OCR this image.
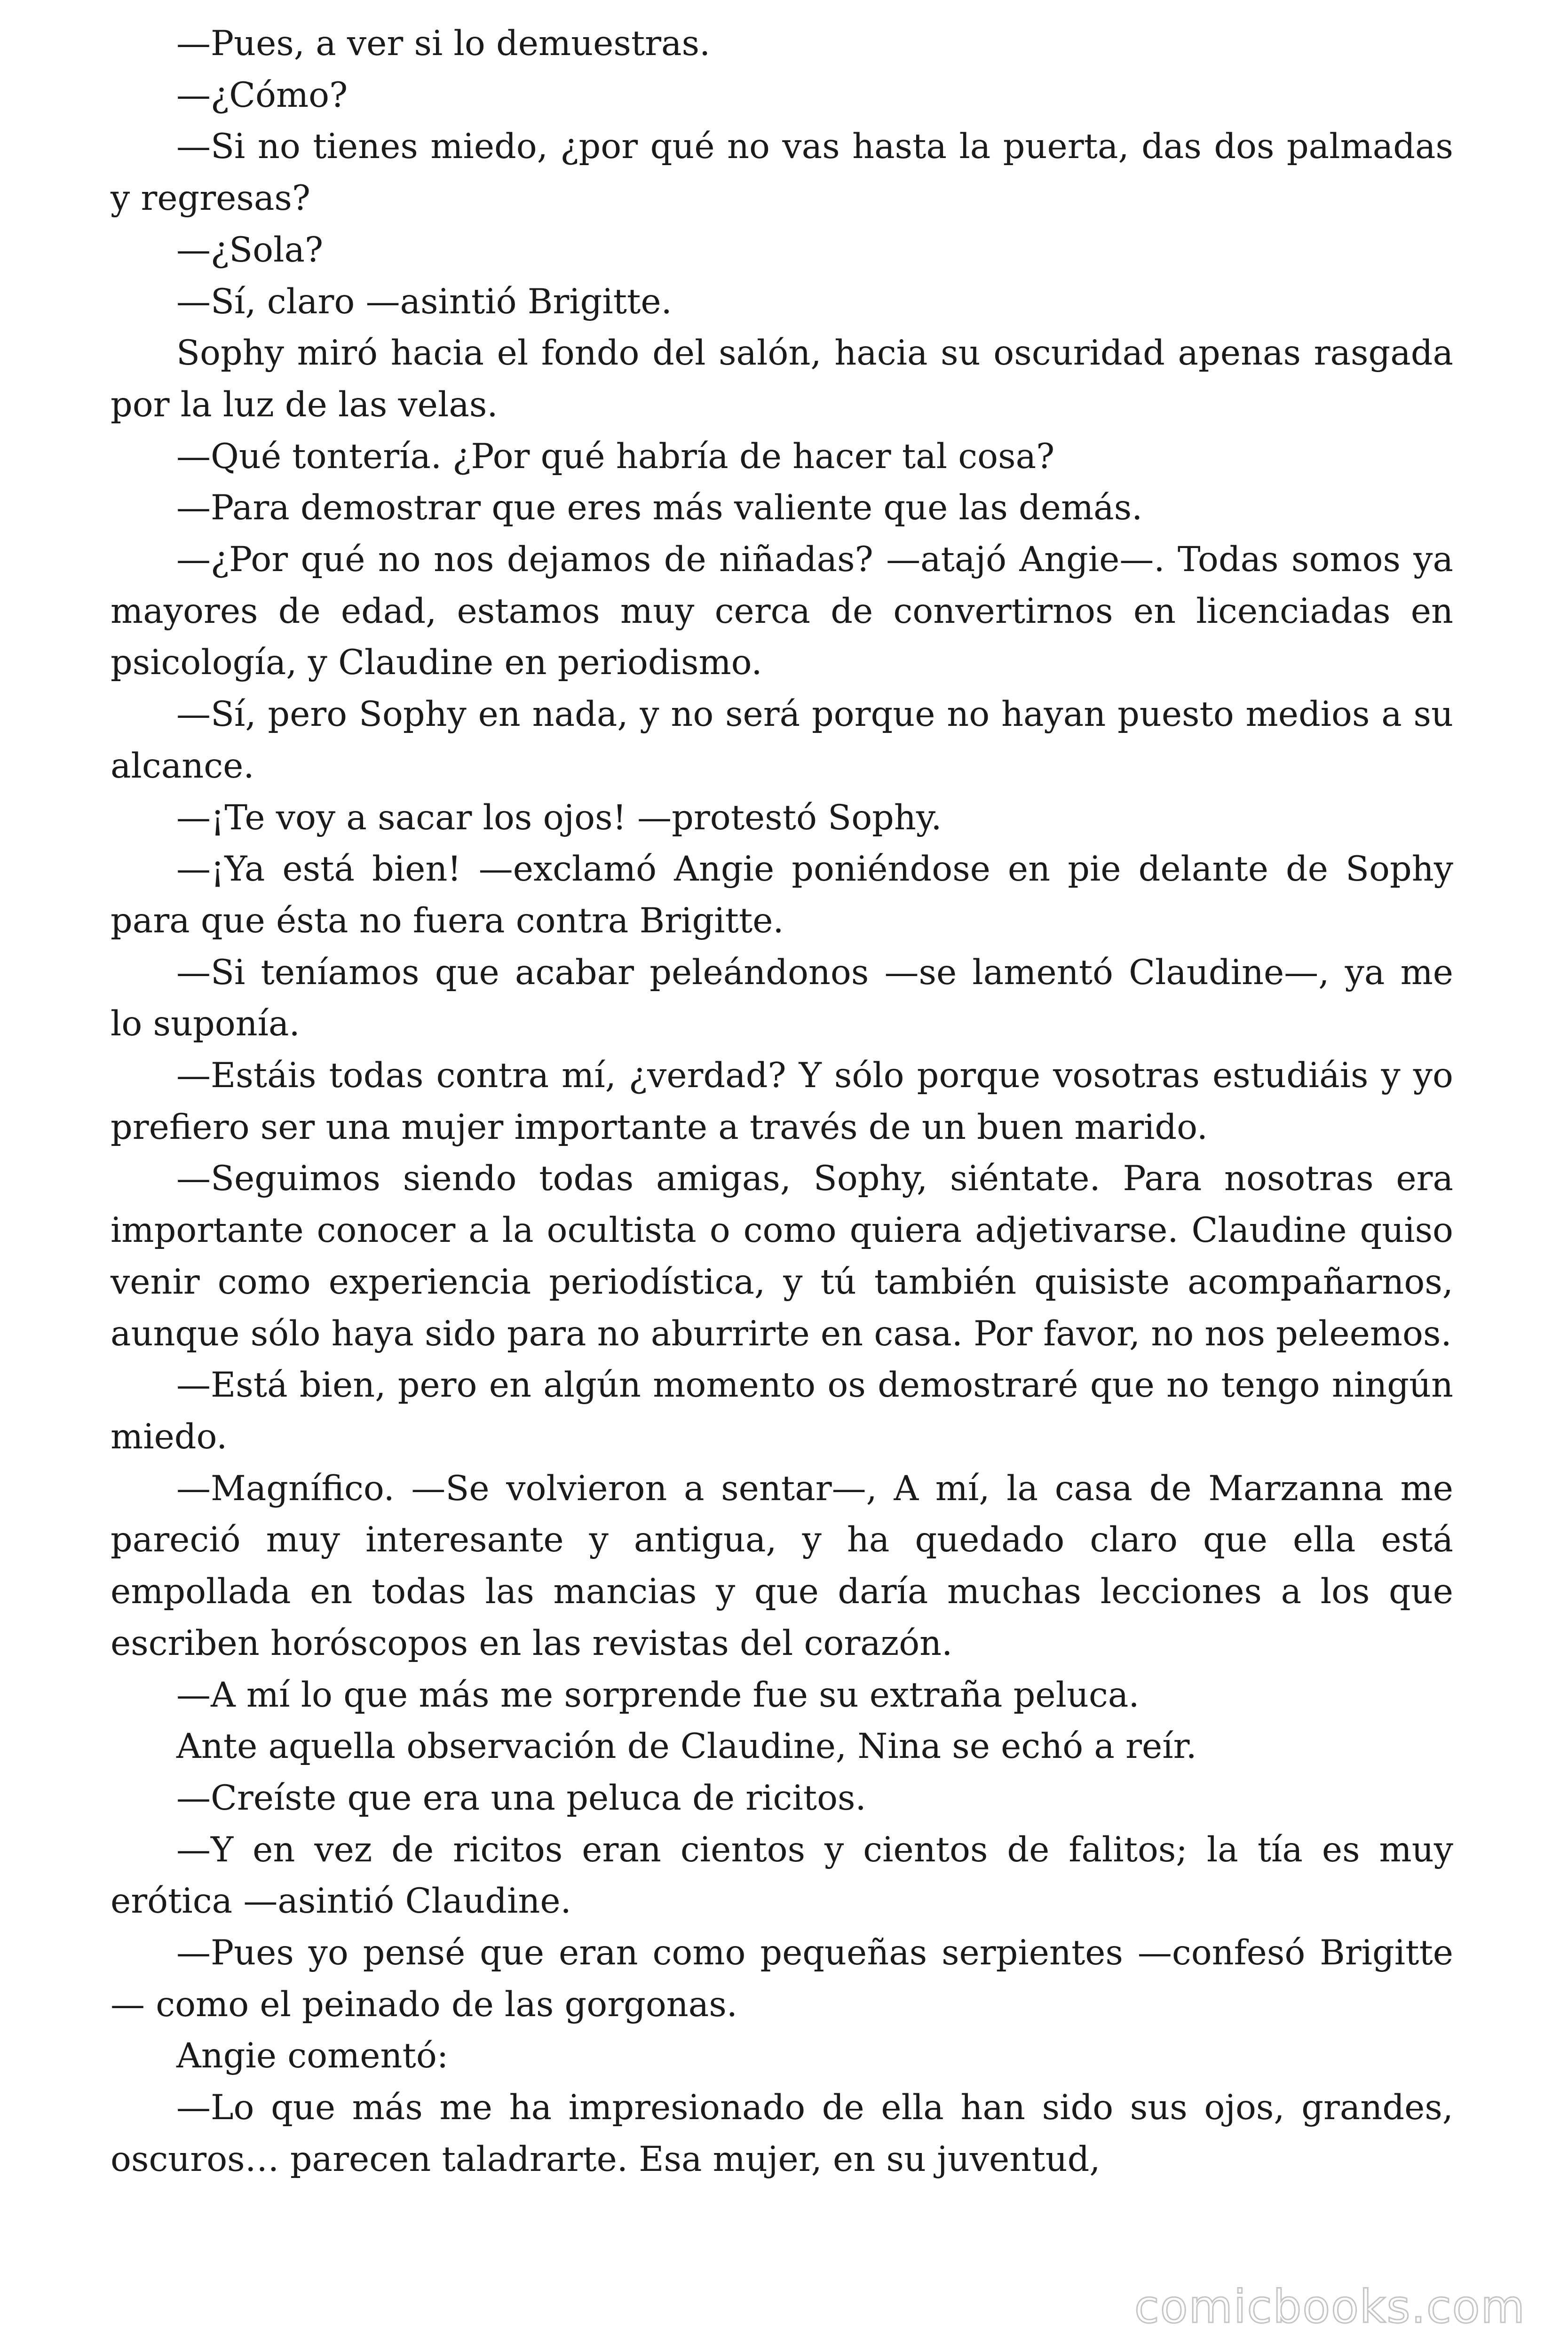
—Pues, a ver si lo demuestras.

—¿Cómo?

—Si no tienes miedo, ¿por qué no vas hasta la puerta, das dos palmadas y regresas?

—¿Sola?

—Sí, claro —asintió Brigitte.

Sophy miró hacia el fondo del salón, hacia su oscuridad apenas rasgada por la luz de las velas.

—Qué tontería. ¿Por qué habría de hacer tal cosa?

—Para demostrar que eres más valiente que las demás.

—¿Por qué no nos dejamos de niñadas? —atajó Angie—. Todas somos ya mayores de edad, estamos muy cerca de convertirnos en licenciadas en psicología, y Claudine en periodismo.

—Sí, pero Sophy en nada, y no será porque no hayan puesto medios a su alcance.

—¡Te voy a sacar los ojos! —protestó Sophy.

—¡Ya está bien! —exclamó Angie poniéndose en pie delante de Sophy para que ésta no fuera contra Brigitte.

—Si teníamos que acabar peleándonos —se lamentó Claudine—, ya me lo suponía.

—Estáis todas contra mí, ¿verdad? Y sólo porque vosotras estudiáis y yo prefiero ser una mujer importante a través de un buen marido.

—Seguimos siendo todas amigas, Sophy, siéntate. Para nosotras era importante conocer a la ocultista o como quiera adjetivarse. Claudine quiso venir como experiencia periodística, y tú también quisiste acompañarnos, aunque sólo haya sido para no aburrirte en casa. Por favor, no nos peleemos.

—Está bien, pero en algún momento os demostraré que no tengo ningún miedo.

—Magnífico. —Se volvieron a sentar—, A mí, la casa de Marzanna me pareció muy interesante y antigua, y ha quedado claro que ella está empollada en todas las mancias y que daría muchas lecciones a los que escriben horóscopos en las revistas del corazón.

—A mí lo que más me sorprende fue su extraña peluca.

Ante aquella observación de Claudine, Nina se echó a reír.

—Creíste que era una peluca de ricitos.

—Y en vez de ricitos eran cientos y cientos de falitos; la tía es muy erótica —asintió Claudine.

—Pues yo pensé que eran como pequeñas serpientes —confesó Brigitte— como el peinado de las gorgonas.

Angie comentó:

—Lo que más me ha impresionado de ella han sido sus ojos, grandes, oscuros… parecen taladrarte. Esa mujer, en su juventud,

comicbooks.com
